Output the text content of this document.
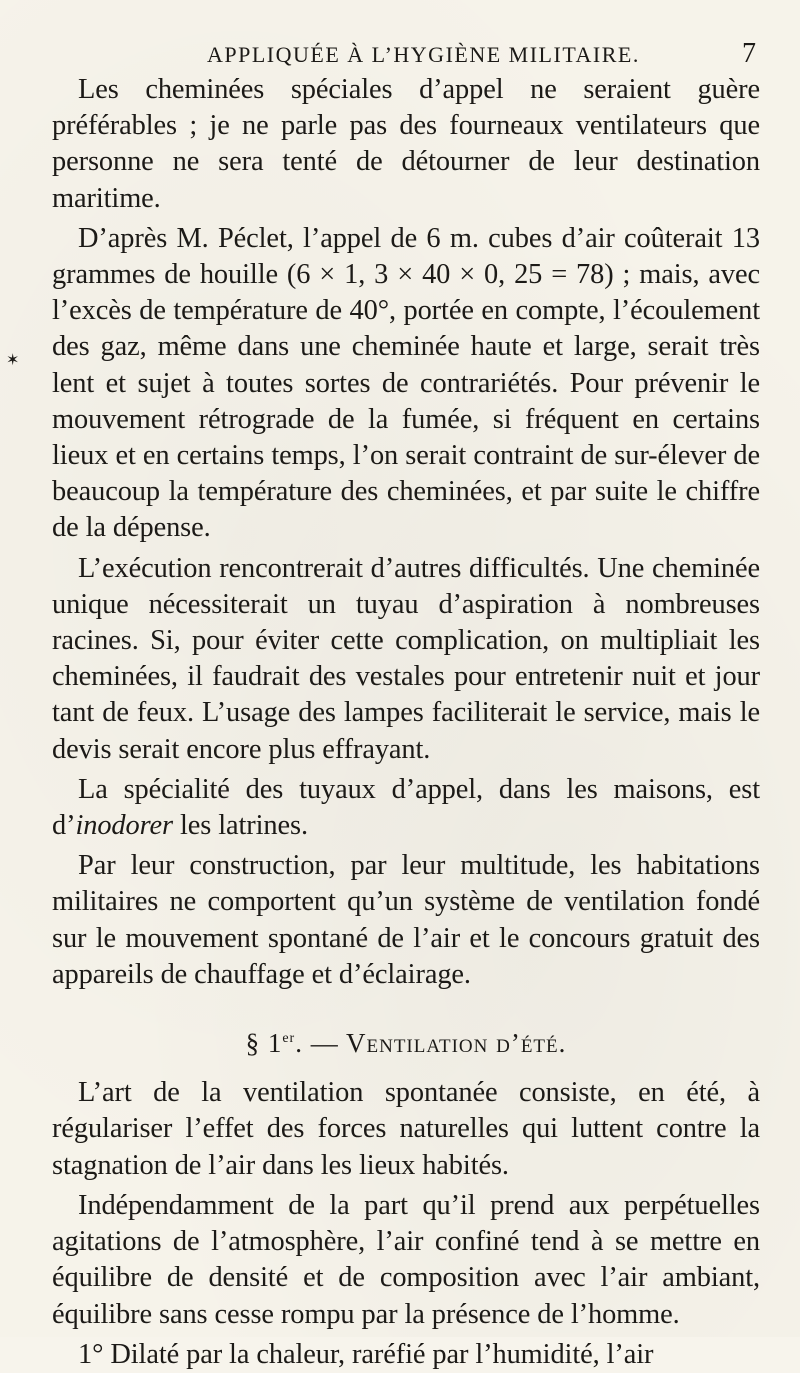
APPLIQUÉE À L’HYGIÈNE MILITAIRE.	7
✶

Les cheminées spéciales d’appel ne seraient guère préférables ; je ne parle pas des fourneaux ventilateurs que personne ne sera tenté de détourner de leur destination maritime.

D’après M. Péclet, l’appel de 6 m. cubes d’air coûterait 13 grammes de houille (6 × 1, 3 × 40 × 0, 25 = 78) ; mais, avec l’excès de température de 40°, portée en compte, l’écoulement des gaz, même dans une cheminée haute et large, serait très lent et sujet à toutes sortes de contrariétés. Pour prévenir le mouvement rétrograde de la fumée, si fréquent en certains lieux et en certains temps, l’on serait contraint de sur-élever de beaucoup la température des cheminées, et par suite le chiffre de la dépense.

L’exécution rencontrerait d’autres difficultés. Une cheminée unique nécessiterait un tuyau d’aspiration à nombreuses racines. Si, pour éviter cette complication, on multipliait les cheminées, il faudrait des vestales pour entretenir nuit et jour tant de feux. L’usage des lampes faciliterait le service, mais le devis serait encore plus effrayant.

La spécialité des tuyaux d’appel, dans les maisons, est d’inodorer les latrines.

Par leur construction, par leur multitude, les habitations militaires ne comportent qu’un système de ventilation fondé sur le mouvement spontané de l’air et le concours gratuit des appareils de chauffage et d’éclairage.

§ 1er. — Ventilation d’été.

L’art de la ventilation spontanée consiste, en été, à régulariser l’effet des forces naturelles qui luttent contre la stagnation de l’air dans les lieux habités.

Indépendamment de la part qu’il prend aux perpétuelles agitations de l’atmosphère, l’air confiné tend à se mettre en équilibre de densité et de composition avec l’air ambiant, équilibre sans cesse rompu par la présence de l’homme.

1° Dilaté par la chaleur, raréfié par l’humidité, l’air
